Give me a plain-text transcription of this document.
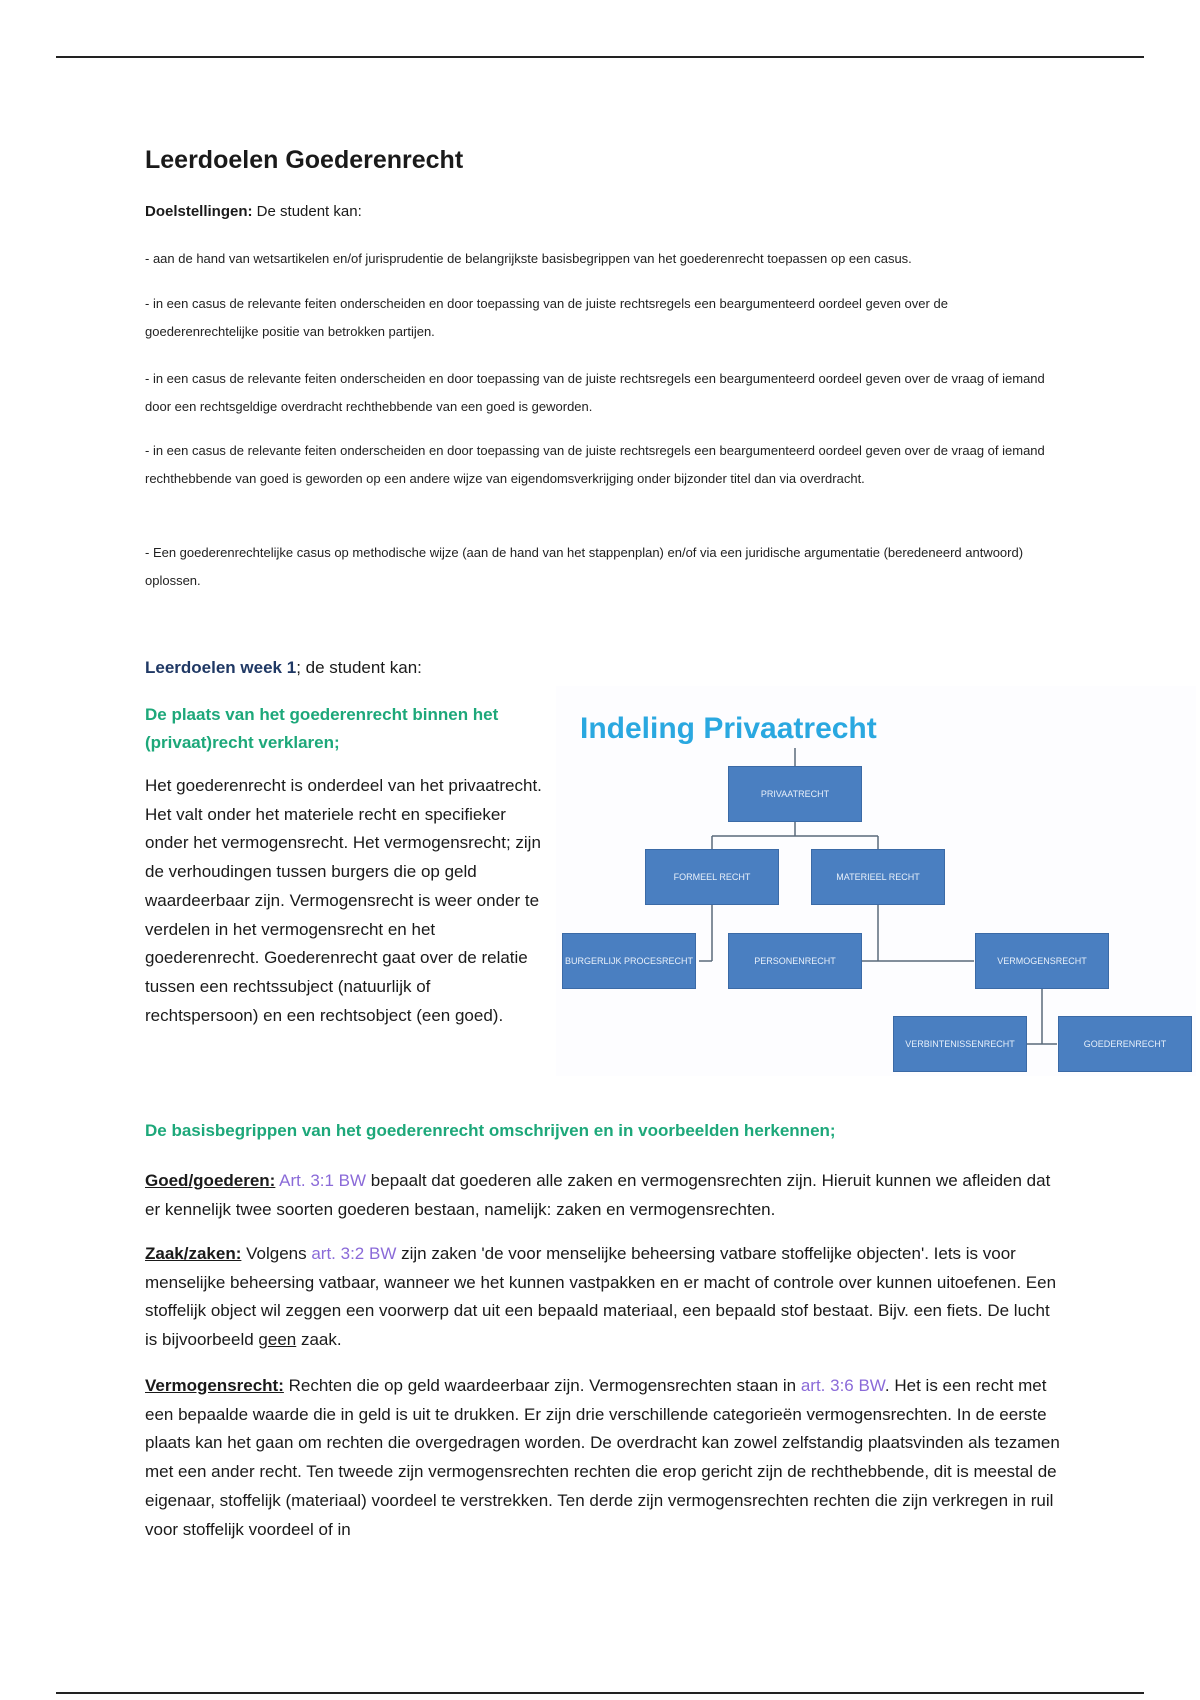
Leerdoelen Goederenrecht

Doelstellingen: De student kan:

- aan de hand van wetsartikelen en/of jurisprudentie de belangrijkste basisbegrippen van het goederenrecht toepassen op een casus.

- in een casus de relevante feiten onderscheiden en door toepassing van de juiste rechtsregels een beargumenteerd oordeel geven over de goederenrechtelijke positie van betrokken partijen.

- in een casus de relevante feiten onderscheiden en door toepassing van de juiste rechtsregels een beargumenteerd oordeel geven over de vraag of iemand door een rechtsgeldige overdracht rechthebbende van een goed is geworden.

- in een casus de relevante feiten onderscheiden en door toepassing van de juiste rechtsregels een beargumenteerd oordeel geven over de vraag of iemand rechthebbende van goed is geworden op een andere wijze van eigendomsverkrijging onder bijzonder titel dan via overdracht.

- Een goederenrechtelijke casus op methodische wijze (aan de hand van het stappenplan) en/of via een juridische argumentatie (beredeneerd antwoord) oplossen.

Leerdoelen week 1; de student kan:

De plaats van het goederenrecht binnen het (privaat)recht verklaren;

Het goederenrecht is onderdeel van het privaatrecht. Het valt onder het materiele recht en specifieker onder het vermogensrecht. Het vermogensrecht; zijn de verhoudingen tussen burgers die op geld waardeerbaar zijn. Vermogensrecht is weer onder te verdelen in het vermogensrecht en het goederenrecht. Goederenrecht gaat over de relatie tussen een rechtssubject (natuurlijk of rechtspersoon) en een rechtsobject (een goed).

Indeling Privaatrecht

PRIVAATRECHT
FORMEEL RECHT	MATERIEEL RECHT
BURGERLIJK PROCESRECHT	PERSONENRECHT	VERMOGENSRECHT
VERBINTENISSENRECHT	GOEDERENRECHT

De basisbegrippen van het goederenrecht omschrijven en in voorbeelden herkennen;

Goed/goederen: Art. 3:1 BW bepaalt dat goederen alle zaken en vermogensrechten zijn. Hieruit kunnen we afleiden dat er kennelijk twee soorten goederen bestaan, namelijk: zaken en vermogensrechten.

Zaak/zaken: Volgens art. 3:2 BW zijn zaken 'de voor menselijke beheersing vatbare stoffelijke objecten'. Iets is voor menselijke beheersing vatbaar, wanneer we het kunnen vastpakken en er macht of controle over kunnen uitoefenen. Een stoffelijk object wil zeggen een voorwerp dat uit een bepaald materiaal, een bepaald stof bestaat. Bijv. een fiets. De lucht is bijvoorbeeld geen zaak.

Vermogensrecht: Rechten die op geld waardeerbaar zijn. Vermogensrechten staan in art. 3:6 BW. Het is een recht met een bepaalde waarde die in geld is uit te drukken. Er zijn drie verschillende categorieën vermogensrechten. In de eerste plaats kan het gaan om rechten die overgedragen worden. De overdracht kan zowel zelfstandig plaatsvinden als tezamen met een ander recht. Ten tweede zijn vermogensrechten rechten die erop gericht zijn de rechthebbende, dit is meestal de eigenaar, stoffelijk (materiaal) voordeel te verstrekken. Ten derde zijn vermogensrechten rechten die zijn verkregen in ruil voor stoffelijk voordeel of in
